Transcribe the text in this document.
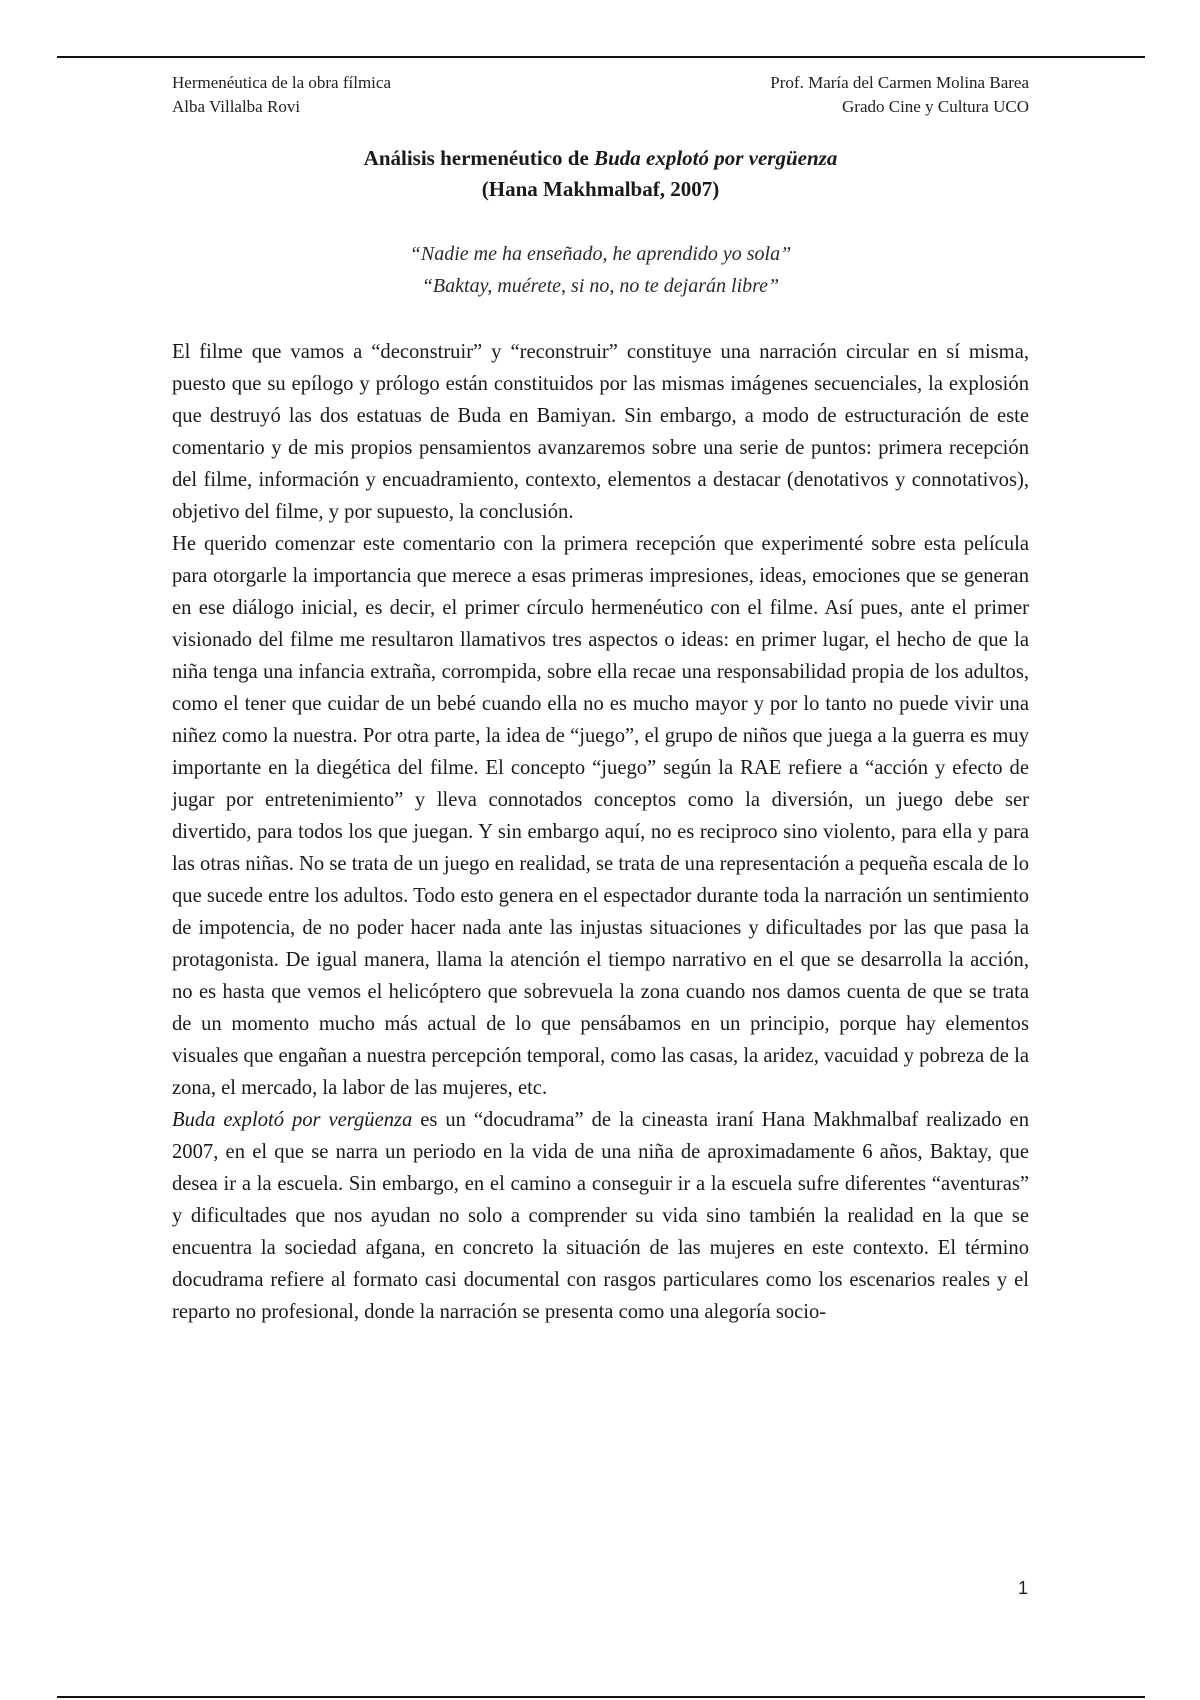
Hermenéutica de la obra fílmica	Prof. María del Carmen Molina Barea
Alba Villalba Rovi	Grado Cine y Cultura UCO
Análisis hermenéutico de Buda explotó por vergüenza
(Hana Makhmalbaf, 2007)
“Nadie me ha enseñado, he aprendido yo sola”
“Baktay, muérete, si no, no te dejarán libre”

El filme que vamos a “deconstruir” y “reconstruir” constituye una narración circular en sí misma, puesto que su epílogo y prólogo están constituidos por las mismas imágenes secuenciales, la explosión que destruyó las dos estatuas de Buda en Bamiyan. Sin embargo, a modo de estructuración de este comentario y de mis propios pensamientos avanzaremos sobre una serie de puntos: primera recepción del filme, información y encuadramiento, contexto, elementos a destacar (denotativos y connotativos), objetivo del filme, y por supuesto, la conclusión.

He querido comenzar este comentario con la primera recepción que experimenté sobre esta película para otorgarle la importancia que merece a esas primeras impresiones, ideas, emociones que se generan en ese diálogo inicial, es decir, el primer círculo hermenéutico con el filme. Así pues, ante el primer visionado del filme me resultaron llamativos tres aspectos o ideas: en primer lugar, el hecho de que la niña tenga una infancia extraña, corrompida, sobre ella recae una responsabilidad propia de los adultos, como el tener que cuidar de un bebé cuando ella no es mucho mayor y por lo tanto no puede vivir una niñez como la nuestra. Por otra parte, la idea de “juego”, el grupo de niños que juega a la guerra es muy importante en la diegética del filme. El concepto “juego” según la RAE refiere a “acción y efecto de jugar por entretenimiento” y lleva connotados conceptos como la diversión, un juego debe ser divertido, para todos los que juegan. Y sin embargo aquí, no es reciproco sino violento, para ella y para las otras niñas. No se trata de un juego en realidad, se trata de una representación a pequeña escala de lo que sucede entre los adultos. Todo esto genera en el espectador durante toda la narración un sentimiento de impotencia, de no poder hacer nada ante las injustas situaciones y dificultades por las que pasa la protagonista. De igual manera, llama la atención el tiempo narrativo en el que se desarrolla la acción, no es hasta que vemos el helicóptero que sobrevuela la zona cuando nos damos cuenta de que se trata de un momento mucho más actual de lo que pensábamos en un principio, porque hay elementos visuales que engañan a nuestra percepción temporal, como las casas, la aridez, vacuidad y pobreza de la zona, el mercado, la labor de las mujeres, etc.

Buda explotó por vergüenza es un “docudrama” de la cineasta iraní Hana Makhmalbaf realizado en 2007, en el que se narra un periodo en la vida de una niña de aproximadamente 6 años, Baktay, que desea ir a la escuela. Sin embargo, en el camino a conseguir ir a la escuela sufre diferentes “aventuras” y dificultades que nos ayudan no solo a comprender su vida sino también la realidad en la que se encuentra la sociedad afgana, en concreto la situación de las mujeres en este contexto. El término docudrama refiere al formato casi documental con rasgos particulares como los escenarios reales y el reparto no profesional, donde la narración se presenta como una alegoría socio-

1
